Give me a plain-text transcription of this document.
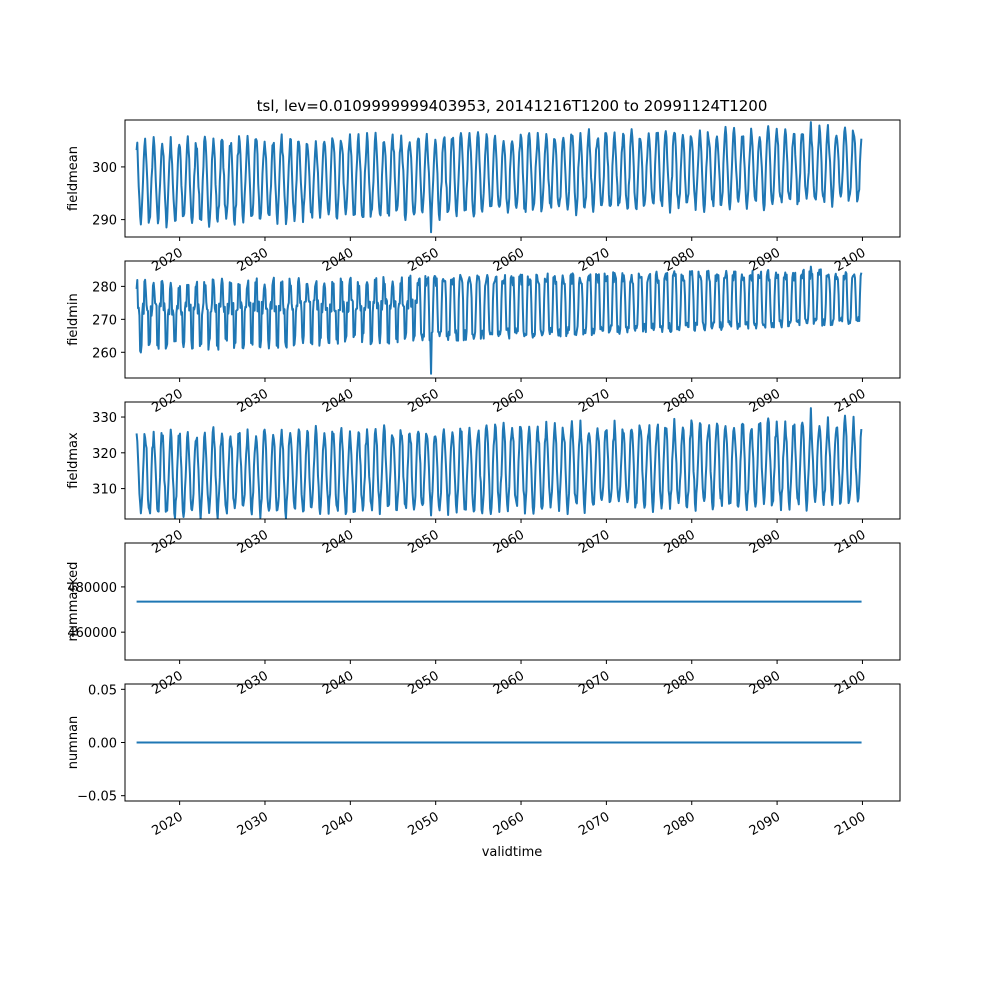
tsl, lev=0.0109999999403953, 20141216T1200 to 20991124T1200
290
300
fieldmean
2020	2030	2040	2050	2060	2070	2080	2090	2100
260
270
280
fieldmin
2020	2030	2040	2050	2060	2070	2080	2090	2100
310
320
330
fieldmax
2020	2030	2040	2050	2060	2070	2080	2090	2100
460000
480000
nummasked
2020	2030	2040	2050	2060	2070	2080	2090	2100
−0.05
0.00
0.05
numnan
2020	2030	2040	2050	2060	2070	2080	2090	2100
validtime
